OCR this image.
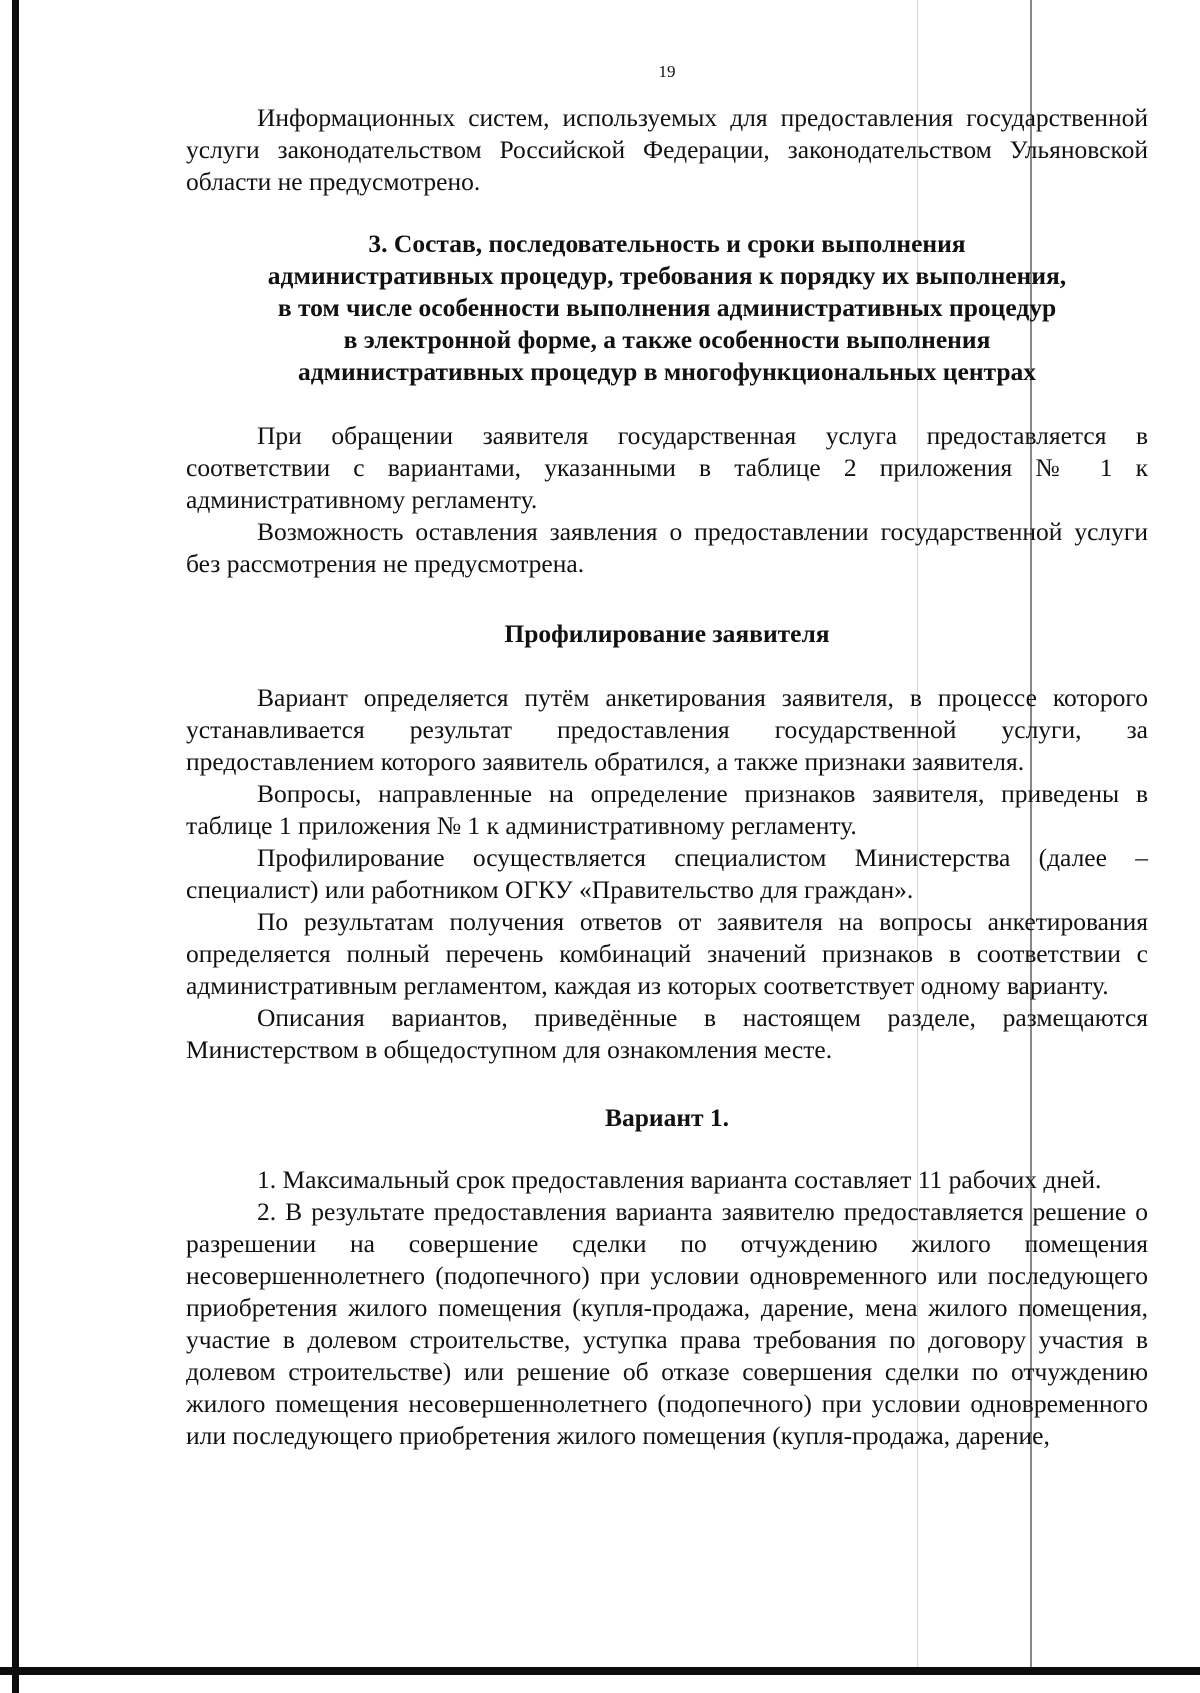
19

Информационных систем, используемых для предоставления государственной услуги законодательством Российской Федерации, законодательством Ульяновской области не предусмотрено.

3. Состав, последовательность и сроки выполнения
административных процедур, требования к порядку их выполнения,
в том числе особенности выполнения административных процедур
в электронной форме, а также особенности выполнения
административных процедур в многофункциональных центрах

При обращении заявителя государственная услуга предоставляется в соответствии с вариантами, указанными в таблице 2 приложения № 1 к административному регламенту.

Возможность оставления заявления о предоставлении государственной услуги без рассмотрения не предусмотрена.

Профилирование заявителя

Вариант определяется путём анкетирования заявителя, в процессе которого устанавливается результат предоставления государственной услуги, за предоставлением которого заявитель обратился, а также признаки заявителя.

Вопросы, направленные на определение признаков заявителя, приведены в таблице 1 приложения № 1 к административному регламенту.

Профилирование осуществляется специалистом Министерства (далее – специалист) или работником ОГКУ «Правительство для граждан».

По результатам получения ответов от заявителя на вопросы анкетирования определяется полный перечень комбинаций значений признаков в соответствии с административным регламентом, каждая из которых соответствует одному варианту.

Описания вариантов, приведённые в настоящем разделе, размещаются Министерством в общедоступном для ознакомления месте.

Вариант 1.

1. Максимальный срок предоставления варианта составляет 11 рабочих дней.

2. В результате предоставления варианта заявителю предоставляется решение о разрешении на совершение сделки по отчуждению жилого помещения несовершеннолетнего (подопечного) при условии одновременного или последующего приобретения жилого помещения (купля-продажа, дарение, мена жилого помещения, участие в долевом строительстве, уступка права требования по договору участия в долевом строительстве) или решение об отказе совершения сделки по отчуждению жилого помещения несовершеннолетнего (подопечного) при условии одновременного или последующего приобретения жилого помещения (купля-продажа, дарение,
